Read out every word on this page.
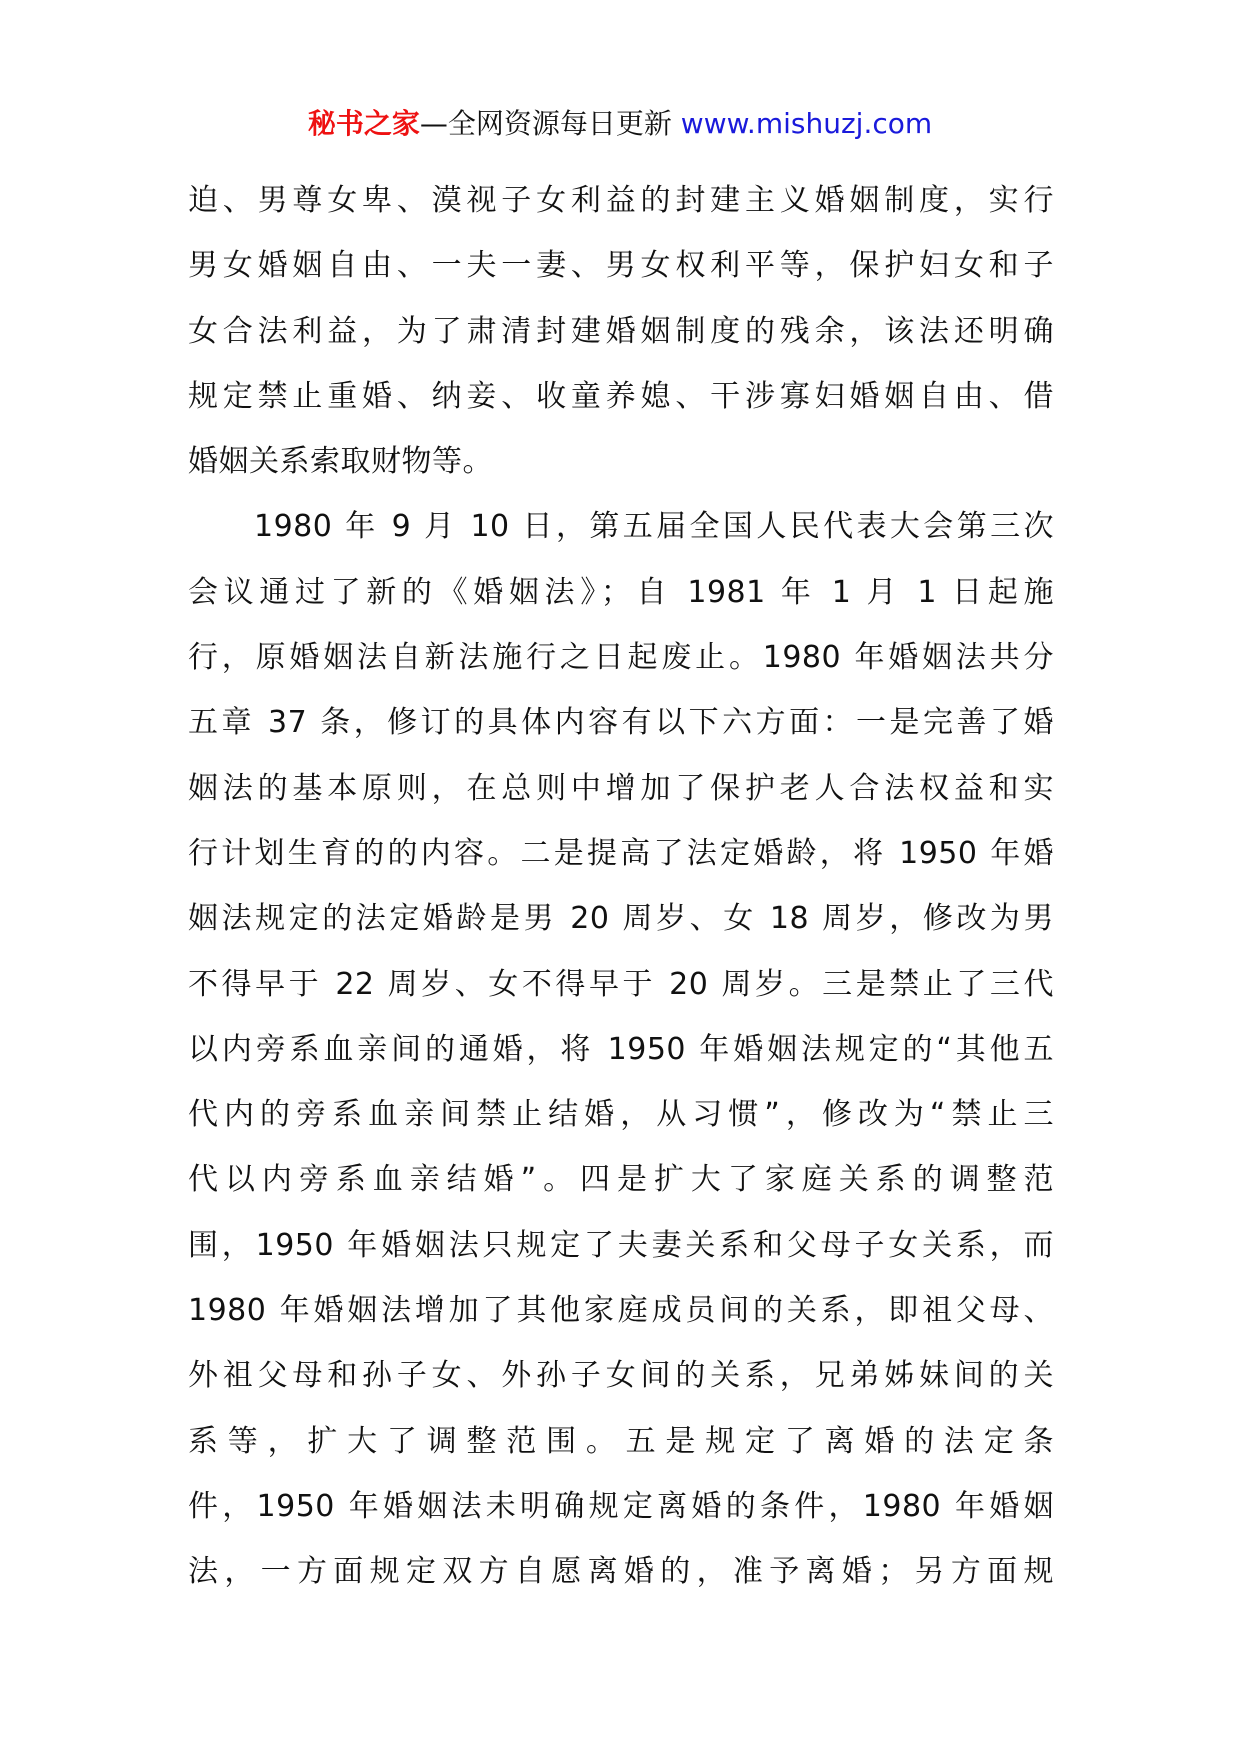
秘书之家—全网资源每日更新 www.mishuzj.com
迫、男尊女卑、漠视子女利益的封建主义婚姻制度，实行
男女婚姻自由、一夫一妻、男女权利平等，保护妇女和子
女合法利益，为了肃清封建婚姻制度的残余，该法还明确
规定禁止重婚、纳妾、收童养媳、干涉寡妇婚姻自由、借
婚姻关系索取财物等。
1980 年 9 月 10 日，第五届全国人民代表大会第三次
会议通过了新的《婚姻法》；自 1981 年 1 月 1 日起施
行，原婚姻法自新法施行之日起废止。1980 年婚姻法共分
五章 37 条，修订的具体内容有以下六方面：一是完善了婚
姻法的基本原则，在总则中增加了保护老人合法权益和实
行计划生育的的内容。二是提高了法定婚龄，将 1950 年婚
姻法规定的法定婚龄是男 20 周岁、女 18 周岁，修改为男
不得早于 22 周岁、女不得早于 20 周岁。三是禁止了三代
以内旁系血亲间的通婚，将 1950 年婚姻法规定的“其他五
代内的旁系血亲间禁止结婚，从习惯”，修改为“禁止三
代以内旁系血亲结婚”。四是扩大了家庭关系的调整范
围，1950 年婚姻法只规定了夫妻关系和父母子女关系，而
1980 年婚姻法增加了其他家庭成员间的关系，即祖父母、
外祖父母和孙子女、外孙子女间的关系，兄弟姊妹间的关
系等，扩大了调整范围。五是规定了离婚的法定条
件，1950 年婚姻法未明确规定离婚的条件，1980 年婚姻
法，一方面规定双方自愿离婚的，准予离婚；另方面规
